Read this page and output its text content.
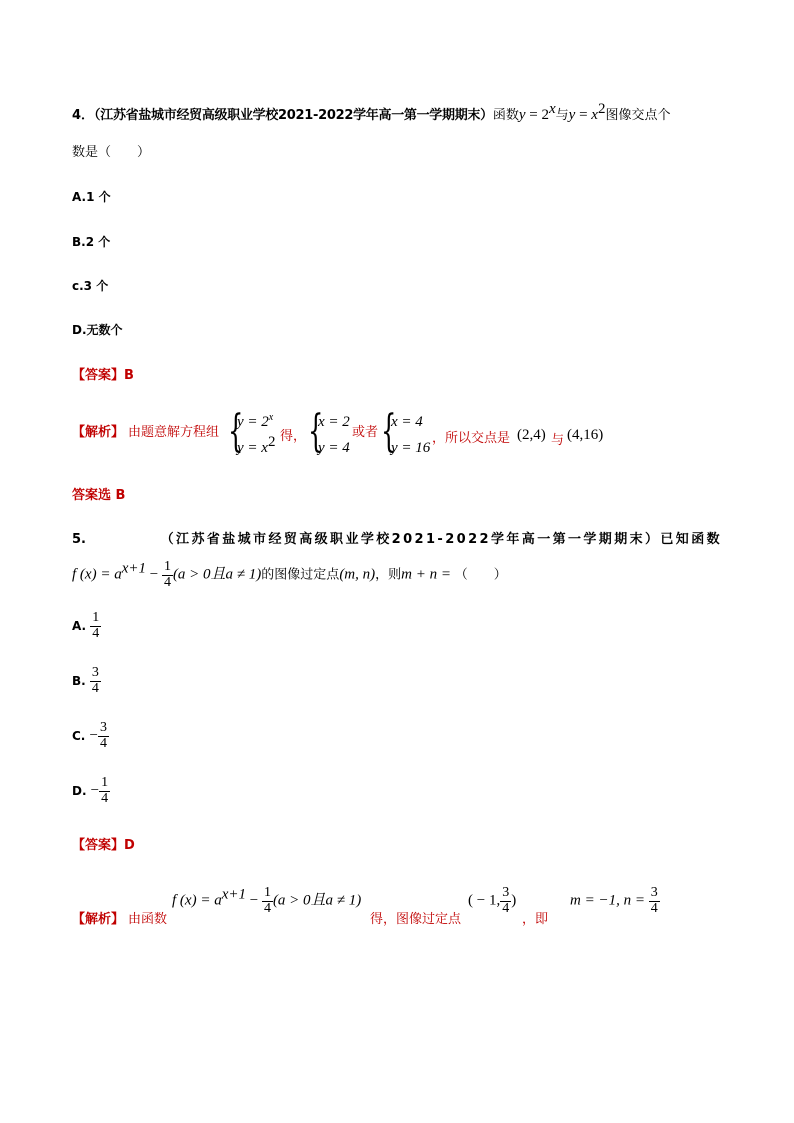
4．（江苏省盐城市经贸高级职业学校2021-2022学年高一第一学期期末）函数$y = 2^x$与$y = x^2$图像交点个
数是（　　）
A.1 个
B.2 个
c.3 个
D.无数个
【答案】B
【解析】 由题意解方程组 {
$y = 2^x$
$y = x^2$ 得， {
x = 2
y = 4
或者 {
x = 4
y = 16
，所以交点是 (2,4) 与 (4,16)
答案选 B
5.	（江苏省盐城市经贸高级职业学校2021-2022学年高一第一学期期末）已知函数
f $(x) = a^{x+1} - \frac{1}{4} (a > 0$且a ≠ 1)的图像过定点(m, n)，则m + n = （　　）
A. $\frac{1}{4}$
B. $\frac{3}{4}$
C. − $\frac{3}{4}$
D. − $\frac{1}{4}$
【答案】D
【解析】 由函数
f $(x) = a^{x+1} - \frac{1}{4} (a > 0$且a ≠ 1)
得，图像过定点
( − 1, $\frac{3}{4}$ )
，即
m = −1, $n = \frac{3}{4}$
